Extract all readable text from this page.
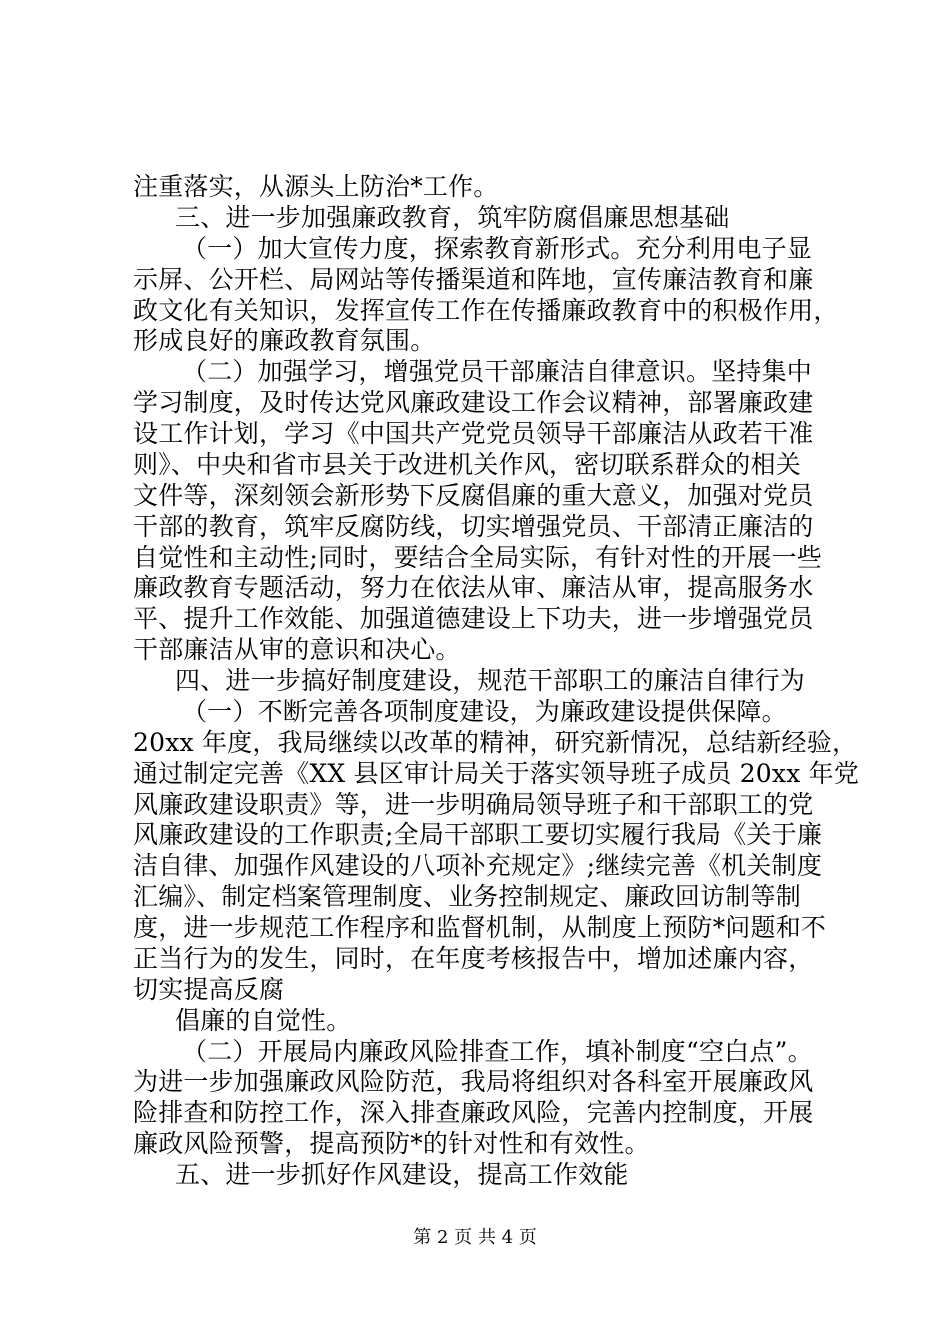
注重落实，从源头上防治*工作。
三、进一步加强廉政教育，筑牢防腐倡廉思想基础
（一）加大宣传力度，探索教育新形式。充分利用电子显
示屏、公开栏、局网站等传播渠道和阵地，宣传廉洁教育和廉
政文化有关知识，发挥宣传工作在传播廉政教育中的积极作用，
形成良好的廉政教育氛围。
（二）加强学习，增强党员干部廉洁自律意识。坚持集中
学习制度，及时传达党风廉政建设工作会议精神，部署廉政建
设工作计划，学习《中国共产党党员领导干部廉洁从政若干准
则》、中央和省市县关于改进机关作风，密切联系群众的相关
文件等，深刻领会新形势下反腐倡廉的重大意义，加强对党员
干部的教育，筑牢反腐防线，切实增强党员、干部清正廉洁的
自觉性和主动性;同时，要结合全局实际，有针对性的开展一些
廉政教育专题活动，努力在依法从审、廉洁从审，提高服务水
平、提升工作效能、加强道德建设上下功夫，进一步增强党员
干部廉洁从审的意识和决心。
四、进一步搞好制度建设，规范干部职工的廉洁自律行为
（一）不断完善各项制度建设，为廉政建设提供保障。
20xx 年度，我局继续以改革的精神，研究新情况，总结新经验，
通过制定完善《XX 县区审计局关于落实领导班子成员 20xx 年党
风廉政建设职责》等，进一步明确局领导班子和干部职工的党
风廉政建设的工作职责;全局干部职工要切实履行我局《关于廉
洁自律、加强作风建设的八项补充规定》;继续完善《机关制度
汇编》、制定档案管理制度、业务控制规定、廉政回访制等制
度，进一步规范工作程序和监督机制，从制度上预防*问题和不
正当行为的发生，同时，在年度考核报告中，增加述廉内容，
切实提高反腐
倡廉的自觉性。
（二）开展局内廉政风险排查工作，填补制度“空白点”。
为进一步加强廉政风险防范，我局将组织对各科室开展廉政风
险排查和防控工作，深入排查廉政风险，完善内控制度，开展
廉政风险预警，提高预防*的针对性和有效性。
五、进一步抓好作风建设，提高工作效能
第 2 页 共 4 页
